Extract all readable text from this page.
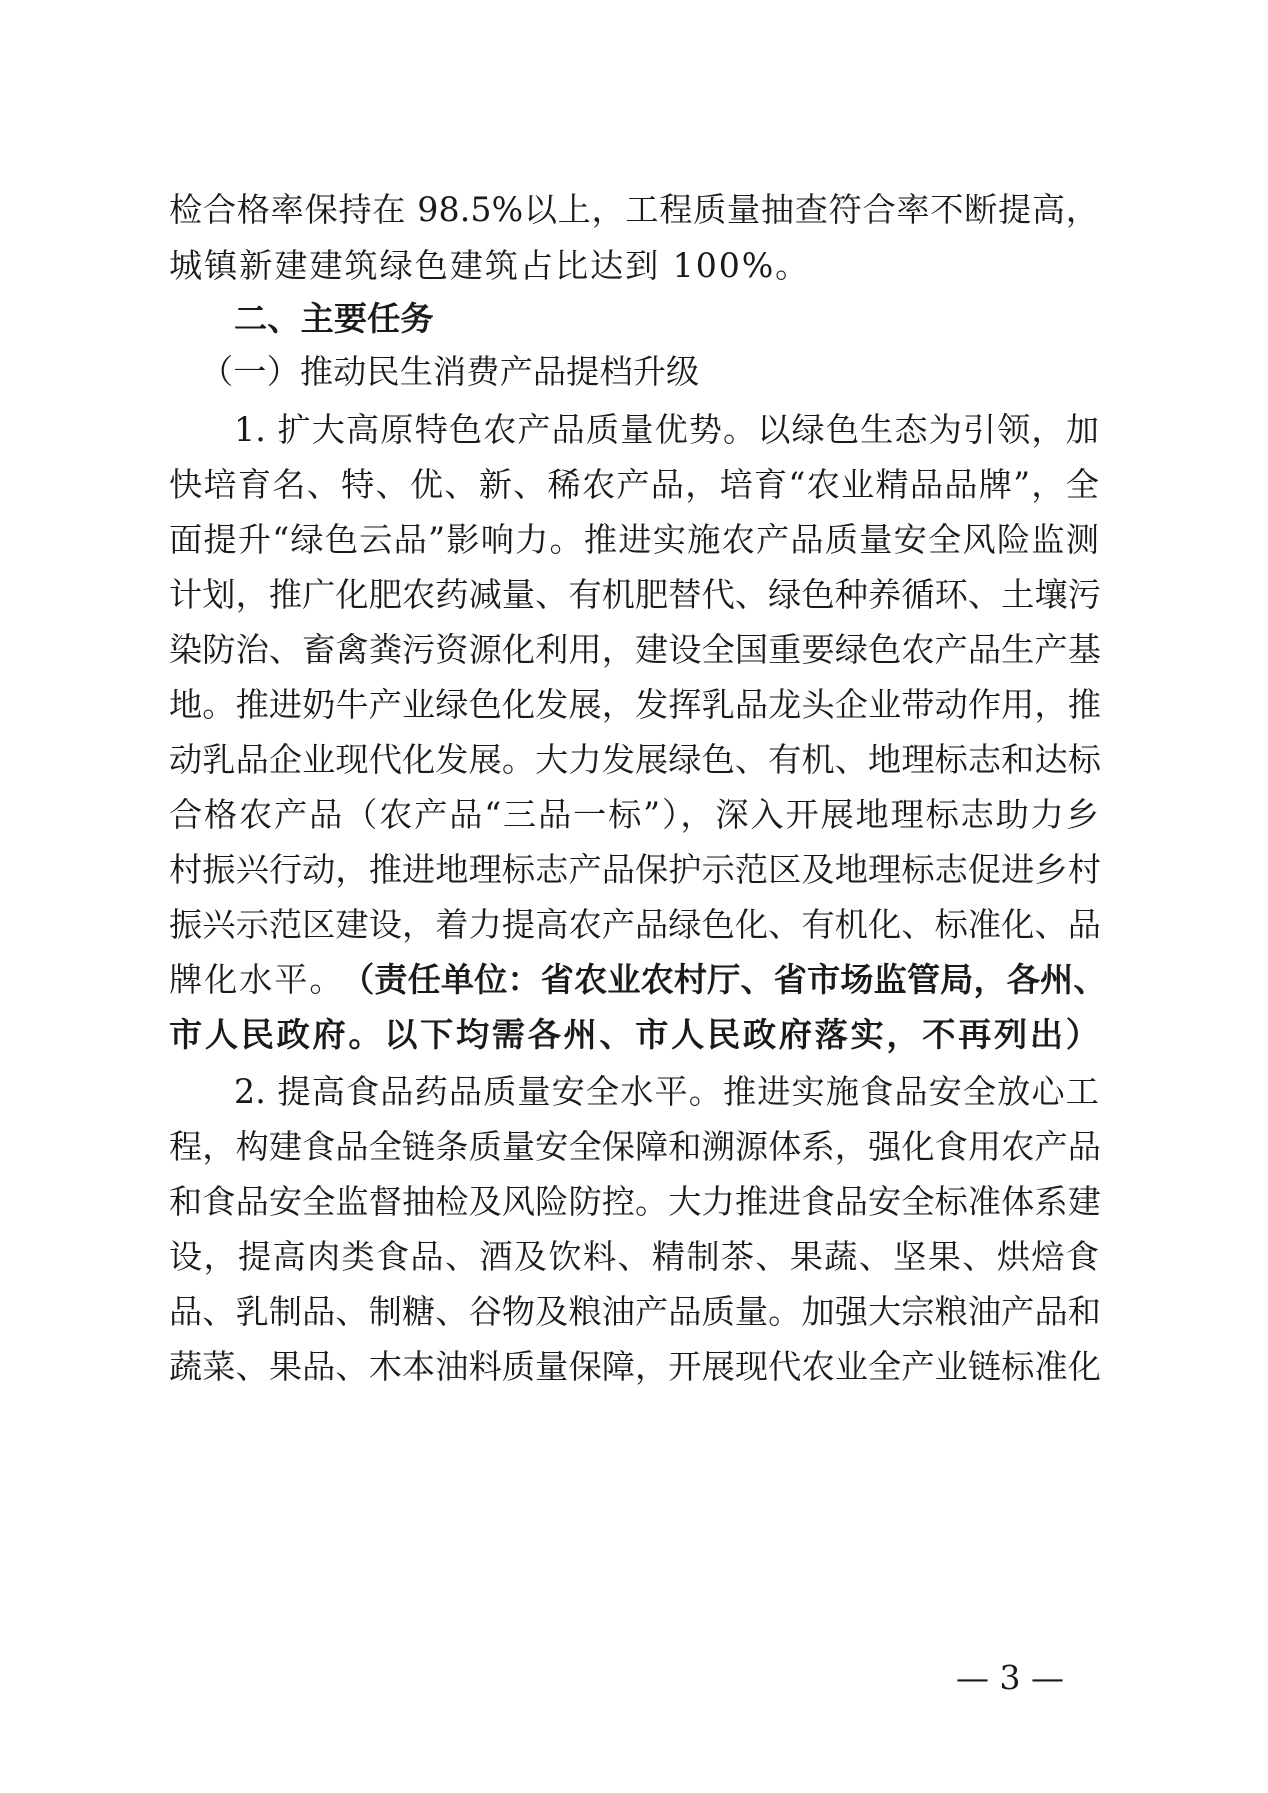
检合格率保持在 98.5%以上，工程质量抽查符合率不断提高，
城镇新建建筑绿色建筑占比达到 100%。
二、主要任务
（一）推动民生消费产品提档升级
1. 扩大高原特色农产品质量优势。以绿色生态为引领，加
快培育名、特、优、新、稀农产品，培育“农业精品品牌”，全
面提升“绿色云品”影响力。推进实施农产品质量安全风险监测
计划，推广化肥农药减量、有机肥替代、绿色种养循环、土壤污
染防治、畜禽粪污资源化利用，建设全国重要绿色农产品生产基
地。推进奶牛产业绿色化发展，发挥乳品龙头企业带动作用，推
动乳品企业现代化发展。大力发展绿色、有机、地理标志和达标
合格农产品（农产品“三品一标”），深入开展地理标志助力乡
村振兴行动，推进地理标志产品保护示范区及地理标志促进乡村
振兴示范区建设，着力提高农产品绿色化、有机化、标准化、品
牌化水平。
（责任单位：省农业农村厅、省市场监管局，各州、
市人民政府。以下均需各州、市人民政府落实，不再列出）
2. 提高食品药品质量安全水平。推进实施食品安全放心工
程，构建食品全链条质量安全保障和溯源体系，强化食用农产品
和食品安全监督抽检及风险防控。大力推进食品安全标准体系建
设，提高肉类食品、酒及饮料、精制茶、果蔬、坚果、烘焙食
品、乳制品、制糖、谷物及粮油产品质量。加强大宗粮油产品和
蔬菜、果品、木本油料质量保障，开展现代农业全产业链标准化
— 3 —
